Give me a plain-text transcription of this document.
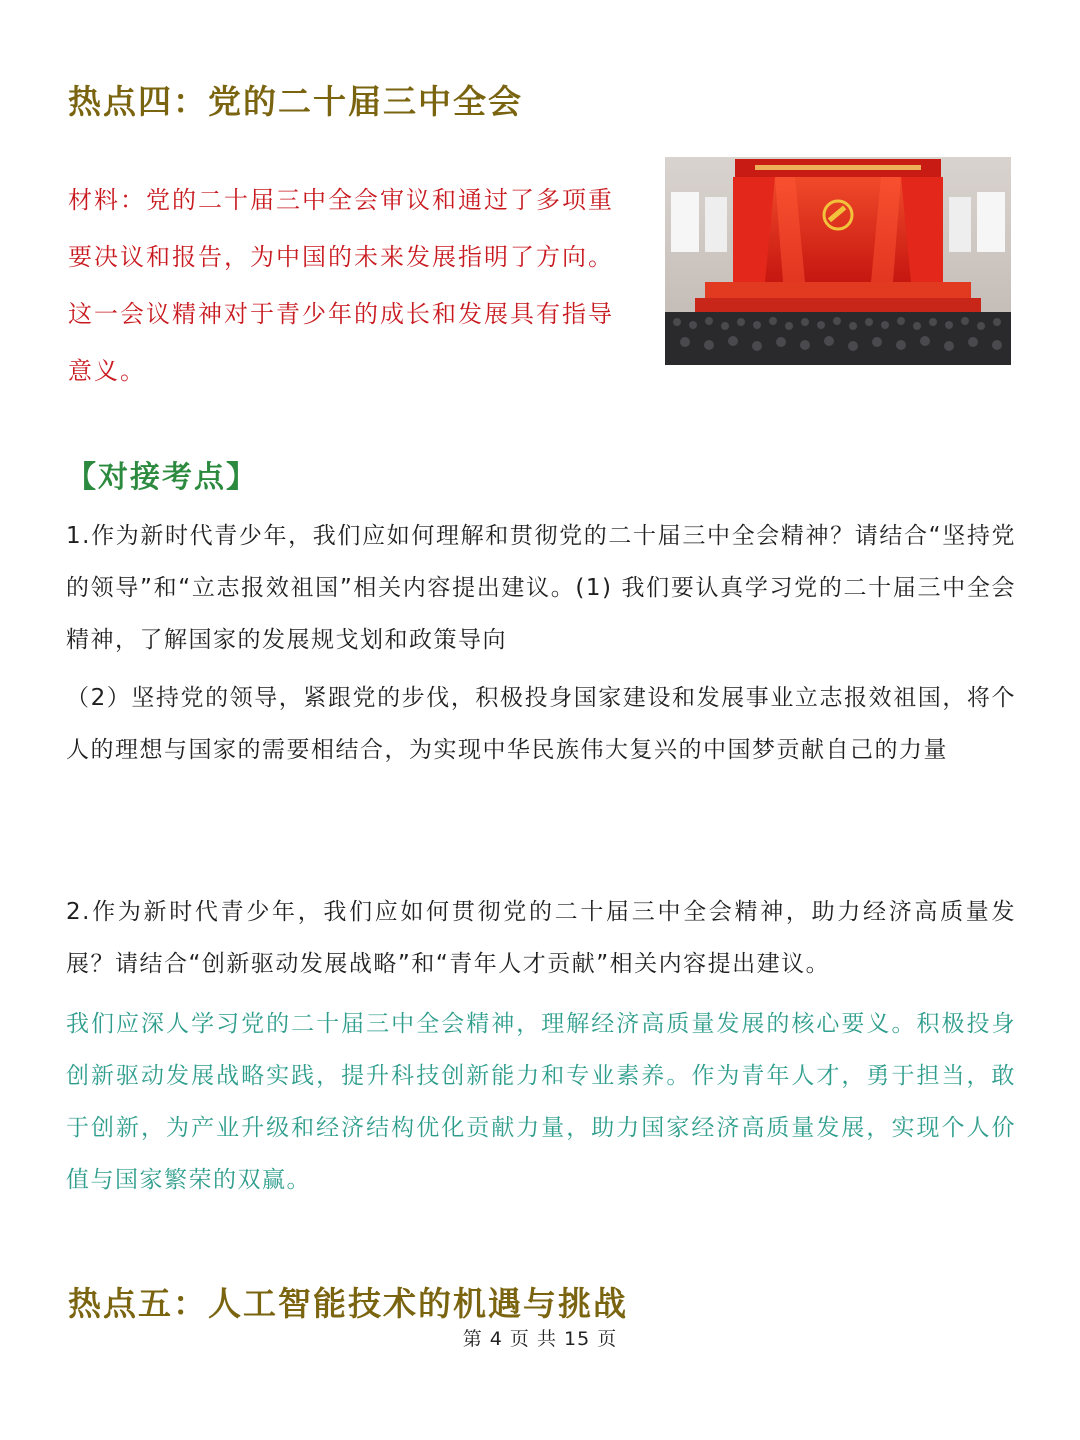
热点四：党的二十届三中全会

材料：党的二十届三中全会审议和通过了多项重要决议和报告，为中国的未来发展指明了方向。这一会议精神对于青少年的成长和发展具有指导意义。

【对接考点】

1.作为新时代青少年，我们应如何理解和贯彻党的二十届三中全会精神？请结合“坚持党的领导”和“立志报效祖国”相关内容提出建议。(1) 我们要认真学习党的二十届三中全会精神，了解国家的发展规戈划和政策导向

（2）坚持党的领导，紧跟党的步伐，积极投身国家建设和发展事业立志报效祖国，将个人的理想与国家的需要相结合，为实现中华民族伟大复兴的中国梦贡献自己的力量

2.作为新时代青少年，我们应如何贯彻党的二十届三中全会精神，助力经济高质量发展？请结合“创新驱动发展战略”和“青年人才贡献”相关内容提出建议。

我们应深人学习党的二十届三中全会精神，理解经济高质量发展的核心要义。积极投身创新驱动发展战略实践，提升科技创新能力和专业素养。作为青年人才，勇于担当，敢于创新，为产业升级和经济结构优化贡献力量，助力国家经济高质量发展，实现个人价值与国家繁荣的双赢。

热点五：人工智能技术的机遇与挑战
第 4 页 共 15 页
